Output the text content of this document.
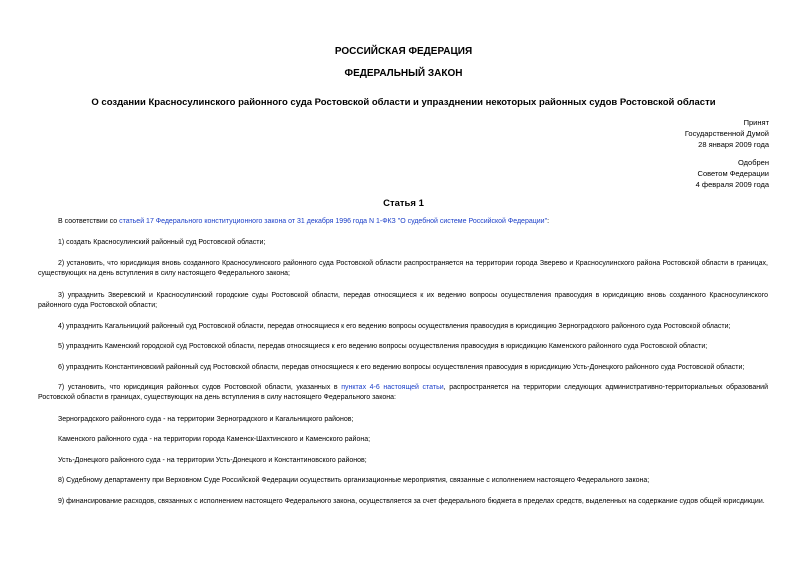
РОССИЙСКАЯ ФЕДЕРАЦИЯ
ФЕДЕРАЛЬНЫЙ ЗАКОН
О создании Красносулинского районного суда Ростовской области и упразднении некоторых районных судов Ростовской области
Принят
Государственной Думой
28 января 2009 года
Одобрен
Советом Федерации
4 февраля 2009 года
Статья 1

В соответствии со статьей 17 Федерального конституционного закона от 31 декабря 1996 года N 1-ФКЗ "О судебной системе Российской Федерации":

1) создать Красносулинский районный суд Ростовской области;

2) установить, что юрисдикция вновь созданного Красносулинского районного суда Ростовской области распространяется на территории города Зверево и Красносулинского района Ростовской области в границах, существующих на день вступления в силу настоящего Федерального закона;

3) упразднить Зверевский и Красносулинский городские суды Ростовской области, передав относящиеся к их ведению вопросы осуществления правосудия в юрисдикцию вновь созданного Красносулинского районного суда Ростовской области;

4) упразднить Кагальницкий районный суд Ростовской области, передав относящиеся к его ведению вопросы осуществления правосудия в юрисдикцию Зерноградского районного суда Ростовской области;

5) упразднить Каменский городской суд Ростовской области, передав относящиеся к его ведению вопросы осуществления правосудия в юрисдикцию Каменского районного суда Ростовской области;

6) упразднить Константиновский районный суд Ростовской области, передав относящиеся к его ведению вопросы осуществления правосудия в юрисдикцию Усть-Донецкого районного суда Ростовской области;

7) установить, что юрисдикция районных судов Ростовской области, указанных в пунктах 4-6 настоящей статьи, распространяется на территории следующих административно-территориальных образований Ростовской области в границах, существующих на день вступления в силу настоящего Федерального закона:

Зерноградского районного суда - на территории Зерноградского и Кагальницкого районов;

Каменского районного суда - на территории города Каменск-Шахтинского и Каменского района;

Усть-Донецкого районного суда - на территории Усть-Донецкого и Константиновского районов;

8) Судебному департаменту при Верховном Суде Российской Федерации осуществить организационные мероприятия, связанные с исполнением настоящего Федерального закона;

9) финансирование расходов, связанных с исполнением настоящего Федерального закона, осуществляется за счет федерального бюджета в пределах средств, выделенных на содержание судов общей юрисдикции.
